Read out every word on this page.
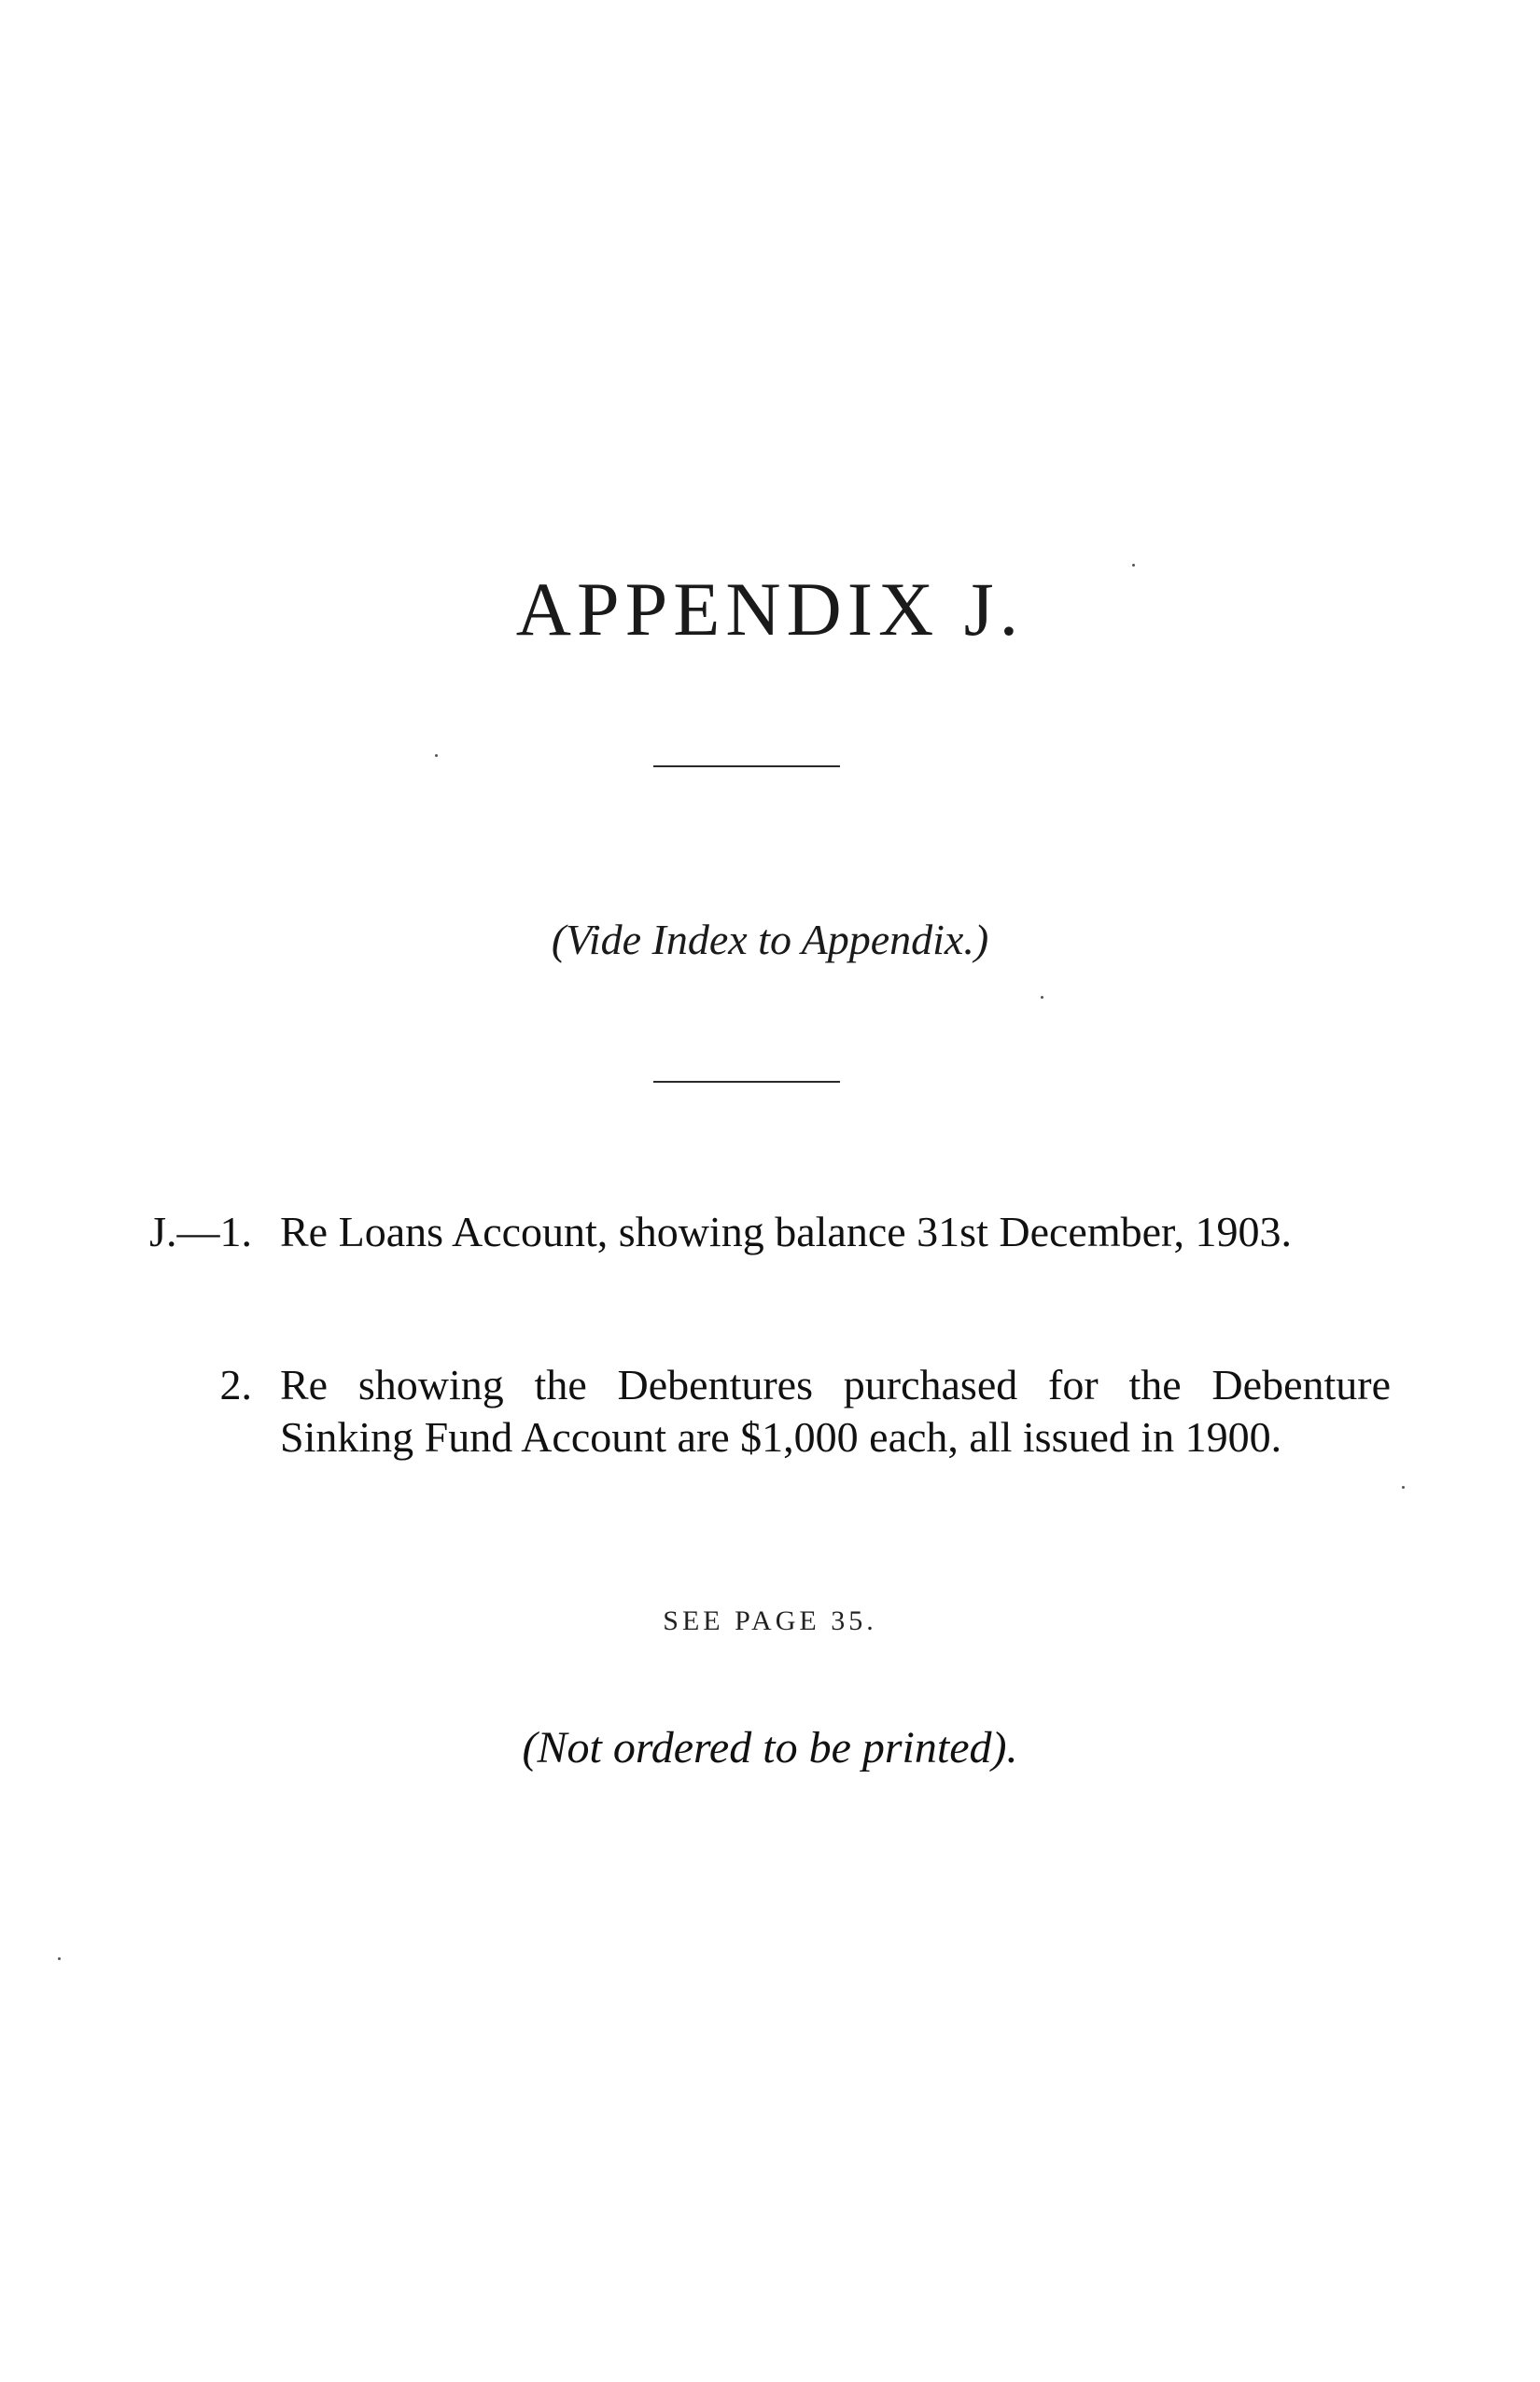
APPENDIX J.
(Vide Index to Appendix.)
J.—1. Re Loans Account, showing balance 31st December, 1903.
2. Re showing the Debentures purchased for the Debenture Sinking Fund Account are $1,000 each, all issued in 1900.
SEE PAGE 35.
(Not ordered to be printed).
